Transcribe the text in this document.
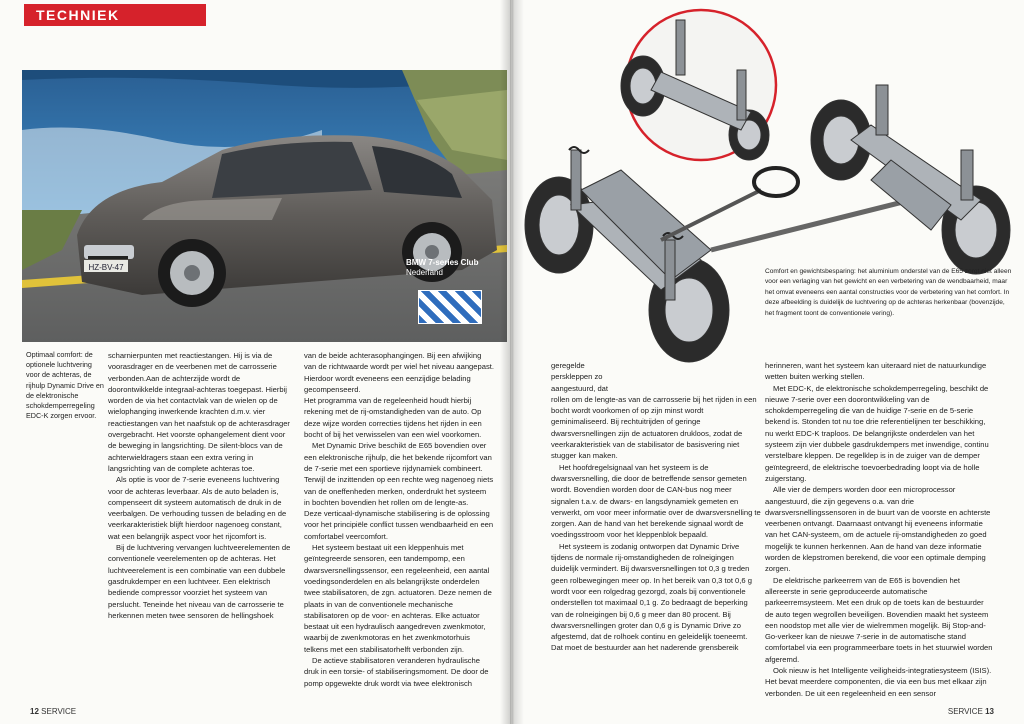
TECHNIEK
HZ-BV-47
BMW 7-series Club
Nederland
Optimaal comfort: de optionele luchtvering voor de achteras, de rijhulp Dynamic Drive en de elektronische schokdemperregeling EDC-K zorgen ervoor.

scharnierpunten met reactiestangen. Hij is via de voorasdrager en de veerbenen met de carrosserie verbonden.Aan de achterzijde wordt de doorontwikkelde integraal-achteras toegepast. Hierbij worden de via het contactvlak van de wielen op de wielophanging inwerkende krachten d.m.v. vier reactiestangen van het naafstuk op de achterasdrager overgebracht. Het voorste ophangelement dient voor de beweging in langsrichting. De silent-blocs van de achterwieldragers staan een extra vering in langsrichting van de complete achteras toe.

Als optie is voor de 7-serie eveneens luchtvering voor de achteras leverbaar. Als de auto beladen is, compenseert dit systeem automatisch de druk in de veerbalgen. De verhouding tussen de belading en de veerkarakteristiek blijft hierdoor nagenoeg constant, wat een belangrijk aspect voor het rijcomfort is.

Bij de luchtvering vervangen luchtveerelementen de conventionele veerelementen op de achteras. Het luchtveerelement is een combinatie van een dubbele gasdrukdemper en een luchtveer. Een elektrisch bediende compressor voorziet het systeem van perslucht. Teneinde het niveau van de carrosserie te herkennen meten twee sensoren de hellingshoek

van de beide achterasophangingen. Bij een afwijking van de richtwaarde wordt per wiel het niveau aangepast. Hierdoor wordt eveneens een eenzijdige belading gecompenseerd.

Het programma van de regeleenheid houdt hierbij rekening met de rij-omstandigheden van de auto. Op deze wijze worden correcties tijdens het rijden in een bocht of bij het verwisselen van een wiel voorkomen.

Met Dynamic Drive beschikt de E65 bovendien over een elektronische rijhulp, die het bekende rijcomfort van de 7-serie met een sportieve rijdynamiek combineert. Terwijl de inzittenden op een rechte weg nagenoeg niets van de oneffenheden merken, onderdrukt het systeem in bochten bovendien het rollen om de lengte-as.

Deze verticaal-dynamische stabilisering is de oplossing voor het principiële conflict tussen wendbaarheid en een comfortabel veercomfort.

Het systeem bestaat uit een kleppenhuis met geïntegreerde sensoren, een tandempomp, een dwarsversnellingssensor, een regeleenheid, een aantal voedingsonderdelen en als belangrijkste onderdelen twee stabilisatoren, de zgn. actuatoren. Deze nemen de plaats in van de conventionele mechanische stabilisatoren op de voor- en achteras. Elke actuator bestaat uit een hydraulisch aangedreven zwenkmotor, waarbij de zwenkmotoras en het zwenkmotorhuis telkens met een stabilisatorhelft verbonden zijn.

De actieve stabilisatoren veranderen hydraulische druk in een torsie- of stabiliseringsmoment. De door de pomp opgewekte druk wordt via twee elektronisch

12 SERVICE
Comfort en gewichtsbesparing: het aluminium onderstel van de E65 zorgt niet alleen voor een verlaging van het gewicht en een verbetering van de wendbaarheid, maar het omvat eveneens een aantal constructies voor de verbetering van het comfort. In deze afbeelding is duidelijk de luchtvering op de achteras herkenbaar (bovenzijde, het fragment toont de conventionele vering).

geregelde
perskleppen zo
aangestuurd, dat

rollen om de lengte-as van de carrosserie bij het rijden in een bocht wordt voorkomen of op zijn minst wordt geminimaliseerd. Bij rechtuitrijden of geringe dwarsversnellingen zijn de actuatoren drukloos, zodat de veerkarakteristiek van de stabilisator de basisvering niet stugger kan maken.

Het hoofdregelsignaal van het systeem is de dwarsversnelling, die door de betreffende sensor gemeten wordt. Bovendien worden door de CAN-bus nog meer signalen t.a.v. de dwars- en langsdynamiek gemeten en verwerkt, om voor meer informatie over de dwarsversnelling te zorgen. Aan de hand van het berekende signaal wordt de voedingsstroom voor het kleppenblok bepaald.

Het systeem is zodanig ontworpen dat Dynamic Drive tijdens de normale rij-omstandigheden de rolneigingen duidelijk vermindert. Bij dwarsversnellingen tot 0,3 g treden geen rolbewegingen meer op. In het bereik van 0,3 tot 0,6 g wordt voor een rolgedrag gezorgd, zoals bij conventionele onderstellen tot maximaal 0,1 g. Zo bedraagt de beperking van de rolneigingen bij 0,6 g meer dan 80 procent. Bij dwarsversnellingen groter dan 0,6 g is Dynamic Drive zo afgestemd, dat de rolhoek continu en geleidelijk toeneemt. Dat moet de bestuurder aan het naderende grensbereik

herinneren, want het systeem kan uiteraard niet de natuurkundige wetten buiten werking stellen.

Met EDC-K, de elektronische schokdemperregeling, beschikt de nieuwe 7-serie over een doorontwikkeling van de schokdemperregeling die van de huidige 7-serie en de 5-serie bekend is. Stonden tot nu toe drie referentielijnen ter beschikking, nu werkt EDC-K traploos. De belangrijkste onderdelen van het systeem zijn vier dubbele gasdrukdempers met inwendige, continu verstelbare kleppen. De regelklep is in de zuiger van de demper geïntegreerd, de elektrische toevoerbedrading loopt via de holle zuigerstang.

Alle vier de dempers worden door een microprocessor aangestuurd, die zijn gegevens o.a. van drie dwarsversnellingssensoren in de buurt van de voorste en achterste veerbenen ontvangt. Daarnaast ontvangt hij eveneens informatie van het CAN-systeem, om de actuele rij-omstandigheden zo goed mogelijk te kunnen herkennen. Aan de hand van deze informatie worden de klepstromen berekend, die voor een optimale demping zorgen.

De elektrische parkeerrem van de E65 is bovendien het allereerste in serie geproduceerde automatische parkeerremsysteem. Met een druk op de toets kan de bestuurder de auto tegen wegrollen beveiligen. Bovendien maakt het systeem een noodstop met alle vier de wielremmen mogelijk. Bij Stop-and-Go-verkeer kan de nieuwe 7-serie in de automatische stand comfortabel via een programmeerbare toets in het stuurwiel worden afgeremd.

Ook nieuw is het Intelligente veiligheids-integratiesysteem (ISIS). Het bevat meerdere componenten, die via een bus met elkaar zijn verbonden. De uit een regeleenheid en een sensor

SERVICE 13
